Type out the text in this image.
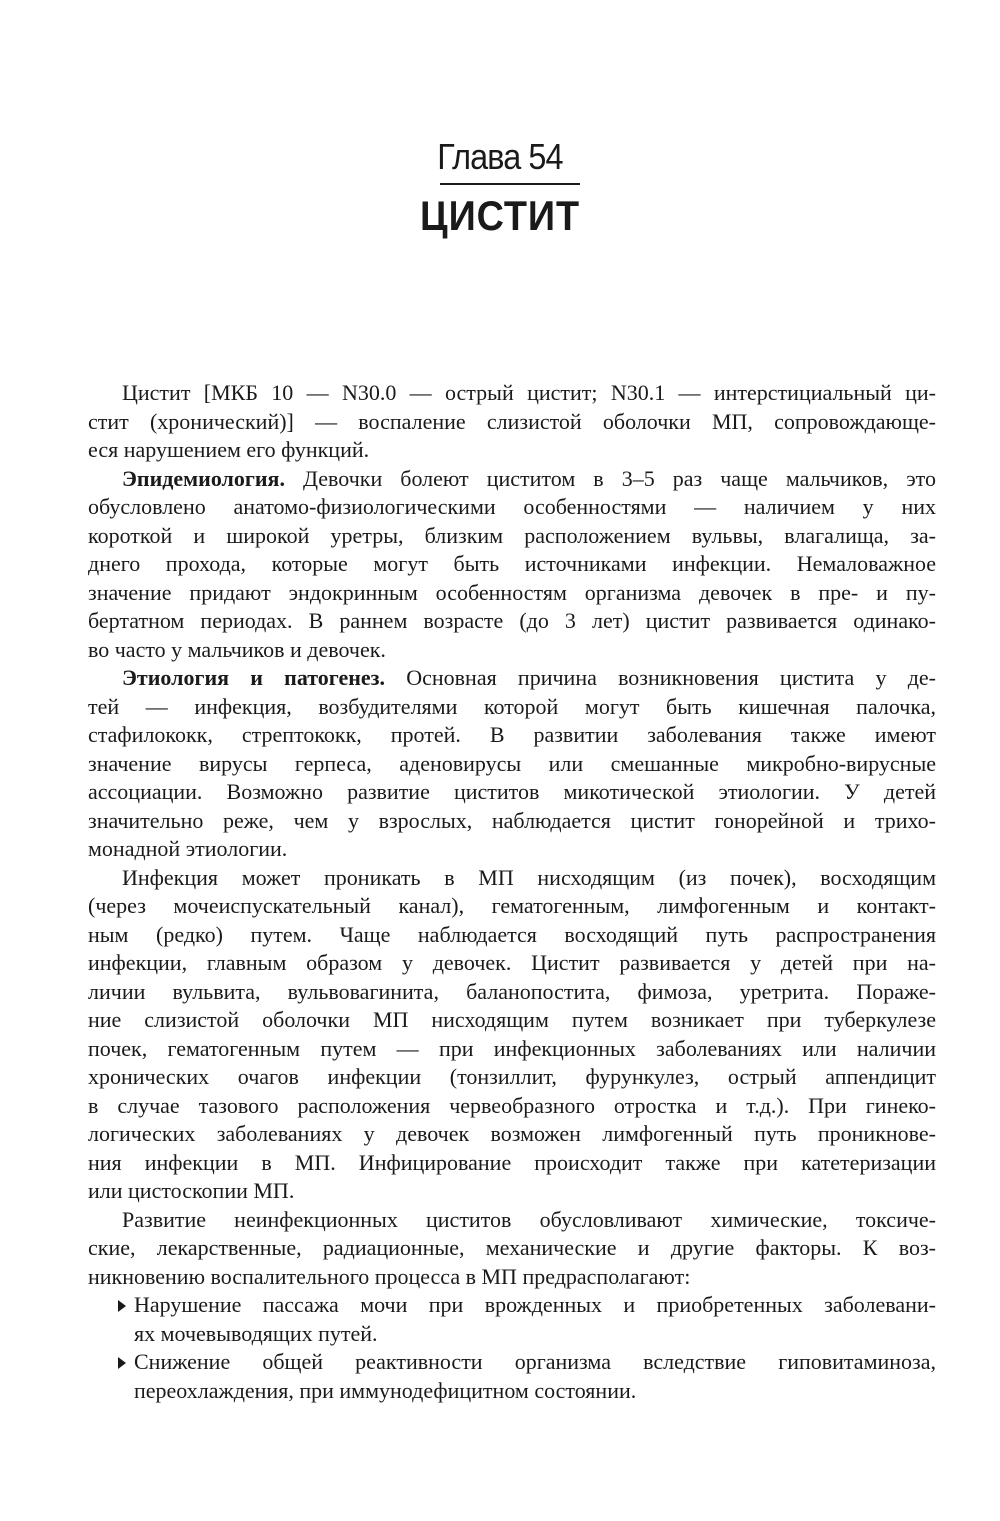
Глава 54
ЦИСТИТ
Цистит [МКБ 10 — N30.0 — острый цистит; N30.1 — интерстициальный ци-
стит (хронический)] — воспаление слизистой оболочки МП, сопровождающе-
еся нарушением его функций.
Эпидемиология. Девочки болеют циститом в 3–5 раз чаще мальчиков, это
обусловлено анатомо-физиологическими особенностями — наличием у них
короткой и широкой уретры, близким расположением вульвы, влагалища, за-
днего прохода, которые могут быть источниками инфекции. Немаловажное
значение придают эндокринным особенностям организма девочек в пре- и пу-
бертатном периодах. В раннем возрасте (до 3 лет) цистит развивается одинако-
во часто у мальчиков и девочек.
Этиология и патогенез. Основная причина возникновения цистита у де-
тей — инфекция, возбудителями которой могут быть кишечная палочка,
стафилококк, стрептококк, протей. В развитии заболевания также имеют
значение вирусы герпеса, аденовирусы или смешанные микробно-вирусные
ассоциации. Возможно развитие циститов микотической этиологии. У детей
значительно реже, чем у взрослых, наблюдается цистит гонорейной и трихо-
монадной этиологии.
Инфекция может проникать в МП нисходящим (из почек), восходящим
(через мочеиспускательный канал), гематогенным, лимфогенным и контакт-
ным (редко) путем. Чаще наблюдается восходящий путь распространения
инфекции, главным образом у девочек. Цистит развивается у детей при на-
личии вульвита, вульвовагинита, баланопостита, фимоза, уретрита. Пораже-
ние слизистой оболочки МП нисходящим путем возникает при туберкулезе
почек, гематогенным путем — при инфекционных заболеваниях или наличии
хронических очагов инфекции (тонзиллит, фурункулез, острый аппендицит
в случае тазового расположения червеобразного отростка и т.д.). При гинеко-
логических заболеваниях у девочек возможен лимфогенный путь проникнове-
ния инфекции в МП. Инфицирование происходит также при катетеризации
или цистоскопии МП.
Развитие неинфекционных циститов обусловливают химические, токсиче-
ские, лекарственные, радиационные, механические и другие факторы. К воз-
никновению воспалительного процесса в МП предрасполагают:
Нарушение пассажа мочи при врожденных и приобретенных заболевани-
ях мочевыводящих путей.
Снижение общей реактивности организма вследствие гиповитаминоза,
переохлаждения, при иммунодефицитном состоянии.
